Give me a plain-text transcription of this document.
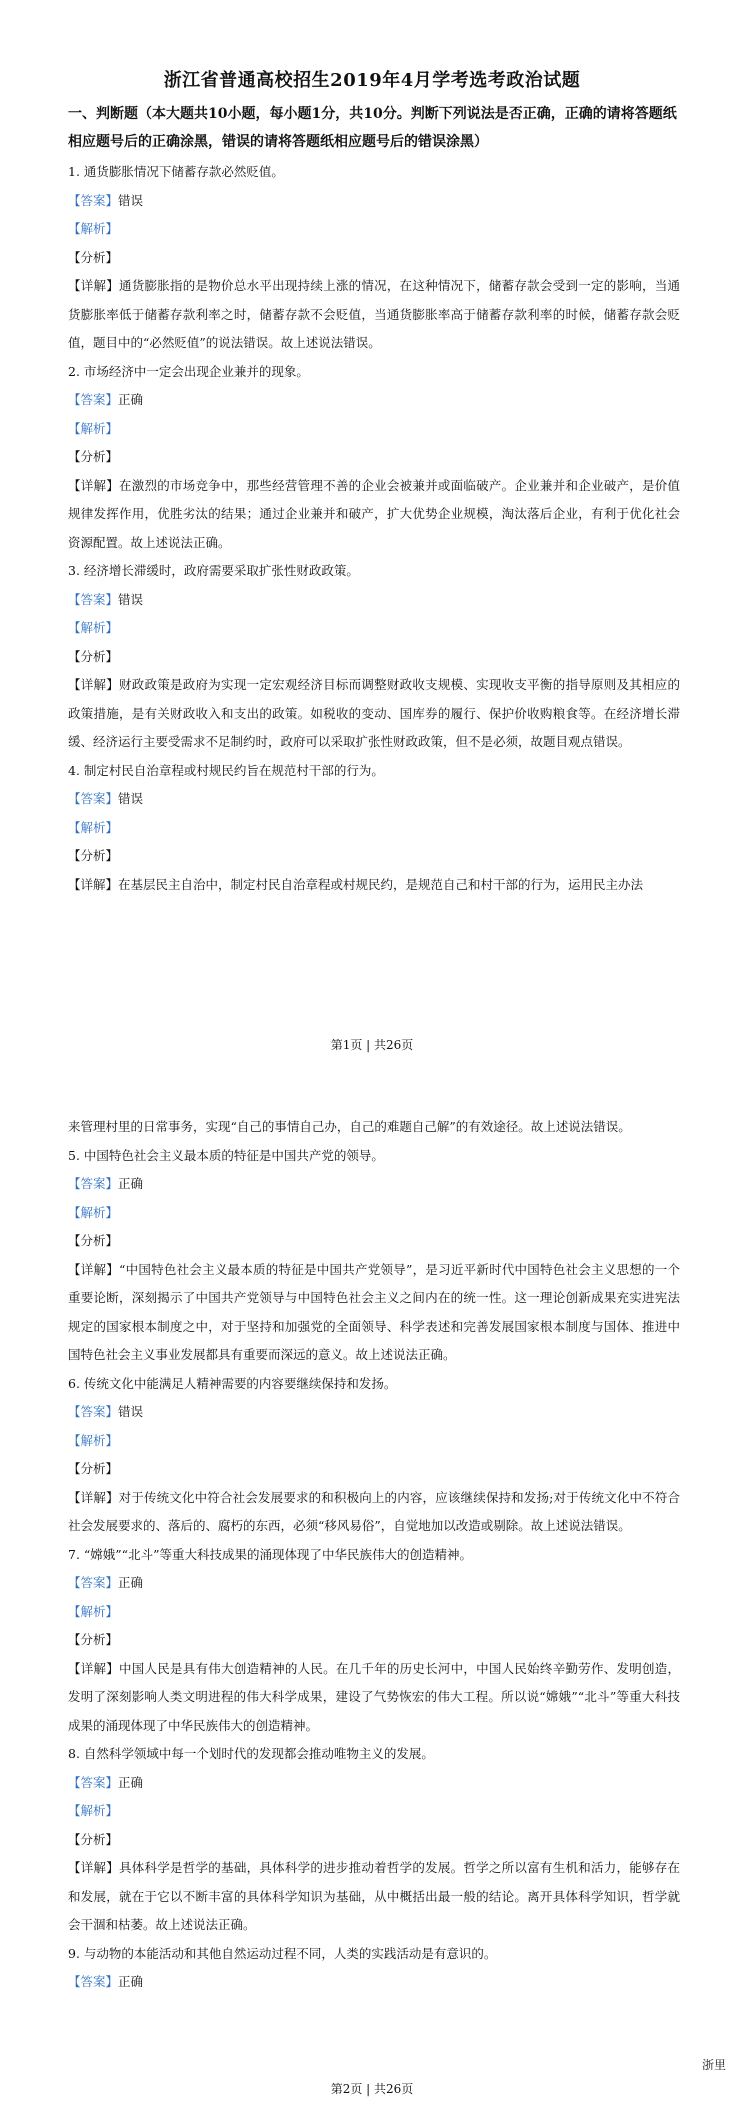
浙江省普通高校招生2019年4月学考选考政治试题
一、判断题（本大题共10小题，每小题1分，共10分。判断下列说法是否正确，正确的请将答题纸相应题号后的正确涂黑，错误的请将答题纸相应题号后的错误涂黑）

1. 通货膨胀情况下储蓄存款必然贬值。

【答案】错误

【解析】

【分析】

【详解】通货膨胀指的是物价总水平出现持续上涨的情况，在这种情况下，储蓄存款会受到一定的影响，当通货膨胀率低于储蓄存款利率之时，储蓄存款不会贬值，当通货膨胀率高于储蓄存款利率的时候，储蓄存款会贬值，题目中的“必然贬值”的说法错误。故上述说法错误。

2. 市场经济中一定会出现企业兼并的现象。

【答案】正确

【解析】

【分析】

【详解】在激烈的市场竞争中，那些经营管理不善的企业会被兼并或面临破产。企业兼并和企业破产，是价值规律发挥作用，优胜劣汰的结果；通过企业兼并和破产，扩大优势企业规模，淘汰落后企业，有利于优化社会资源配置。故上述说法正确。

3. 经济增长滞缓时，政府需要采取扩张性财政政策。

【答案】错误

【解析】

【分析】

【详解】财政政策是政府为实现一定宏观经济目标而调整财政收支规模、实现收支平衡的指导原则及其相应的政策措施，是有关财政收入和支出的政策。如税收的变动、国库券的履行、保护价收购粮食等。在经济增长滞缓、经济运行主要受需求不足制约时，政府可以采取扩张性财政政策，但不是必须，故题目观点错误。

4. 制定村民自治章程或村规民约旨在规范村干部的行为。

【答案】错误

【解析】

【分析】

【详解】在基层民主自治中，制定村民自治章程或村规民约，是规范自己和村干部的行为，运用民主办法

第1页 | 共26页

来管理村里的日常事务，实现“自己的事情自己办，自己的难题自己解”的有效途径。故上述说法错误。

5. 中国特色社会主义最本质的特征是中国共产党的领导。

【答案】正确

【解析】

【分析】

【详解】“中国特色社会主义最本质的特征是中国共产党领导”，是习近平新时代中国特色社会主义思想的一个重要论断，深刻揭示了中国共产党领导与中国特色社会主义之间内在的统一性。这一理论创新成果充实进宪法规定的国家根本制度之中，对于坚持和加强党的全面领导、科学表述和完善发展国家根本制度与国体、推进中国特色社会主义事业发展都具有重要而深远的意义。故上述说法正确。

6. 传统文化中能满足人精神需要的内容要继续保持和发扬。

【答案】错误

【解析】

【分析】

【详解】对于传统文化中符合社会发展要求的和积极向上的内容，应该继续保持和发扬;对于传统文化中不符合社会发展要求的、落后的、腐朽的东西，必须“移风易俗”，自觉地加以改造或剔除。故上述说法错误。

7. “嫦娥”“北斗”等重大科技成果的涌现体现了中华民族伟大的创造精神。

【答案】正确

【解析】

【分析】

【详解】中国人民是具有伟大创造精神的人民。在几千年的历史长河中，中国人民始终辛勤劳作、发明创造，发明了深刻影响人类文明进程的伟大科学成果，建设了气势恢宏的伟大工程。所以说“嫦娥”“北斗”等重大科技成果的涌现体现了中华民族伟大的创造精神。

8. 自然科学领域中每一个划时代的发现都会推动唯物主义的发展。

【答案】正确

【解析】

【分析】

【详解】具体科学是哲学的基础，具体科学的进步推动着哲学的发展。哲学之所以富有生机和活力，能够存在和发展，就在于它以不断丰富的具体科学知识为基础，从中概括出最一般的结论。离开具体科学知识，哲学就会干涸和枯萎。故上述说法正确。

9. 与动物的本能活动和其他自然运动过程不同，人类的实践活动是有意识的。

【答案】正确

浙里
第2页 | 共26页
